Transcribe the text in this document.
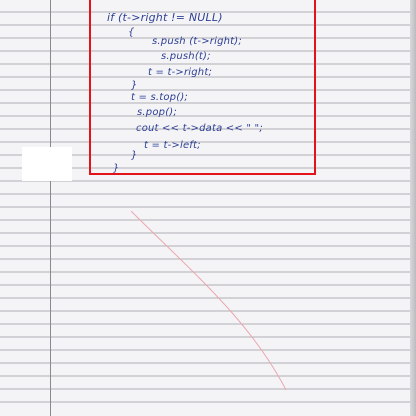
if (t->right != NULL)
{
s.push (t->right);
s.push(t);
t = t->right;
}
t = s.top();
s.pop();
cout << t->data << " ";
t = t->left;
}
}
